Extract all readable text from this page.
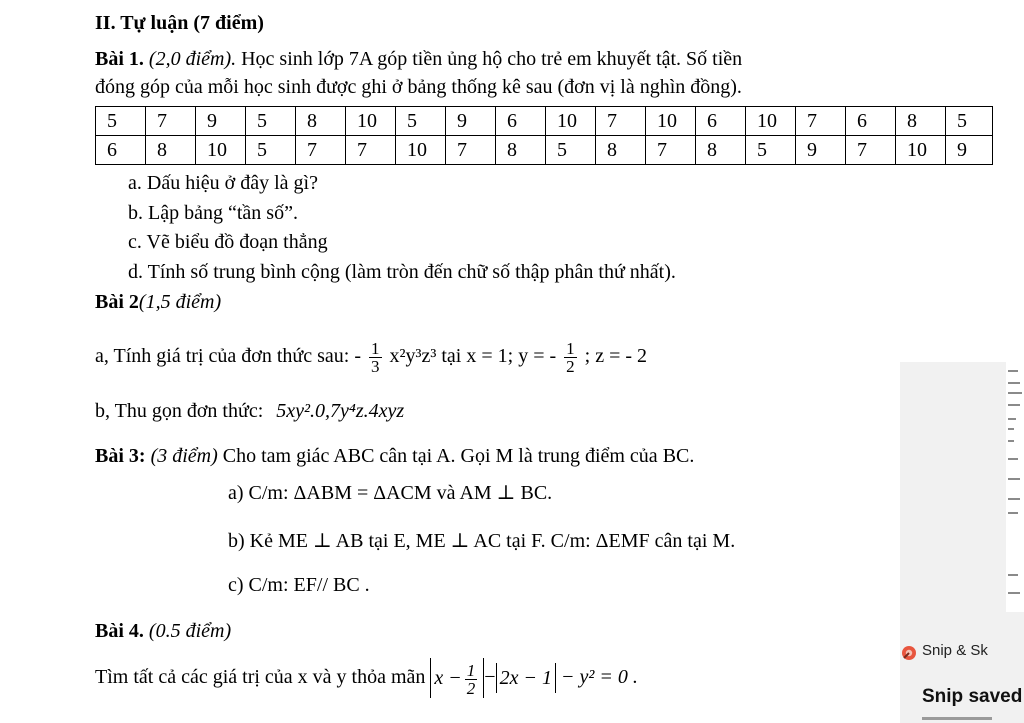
II. Tự luận (7 điểm)
Bài 1. (2,0 điểm). Học sinh lớp 7A góp tiền ủng hộ cho trẻ em khuyết tật. Số tiền
đóng góp của mỗi học sinh được ghi ở bảng thống kê sau (đơn vị là nghìn đồng).
5	7	9	5	8	10	5	9	6	10	7	10	6	10	7	6	8	5
6	8	10	5	7	7	10	7	8	5	8	7	8	5	9	7	10	9
a. Dấu hiệu ở đây là gì?
b. Lập bảng “tần số”.
c. Vẽ biểu đồ đoạn thẳng
d. Tính số trung bình cộng (làm tròn đến chữ số thập phân thứ nhất).
Bài 2(1,5 điểm)
a, Tính giá trị của đơn thức sau: - $\frac{1}{3} x^2y^3z^3$ tại x = 1; y = - $\frac{1}{2}$ ; z = - 2
b, Thu gọn đơn thức: 5xy².0,7y⁴z.4xyz
Bài 3: (3 điểm) Cho tam giác ABC cân tại A. Gọi M là trung điểm của BC.
a) C/m: ΔABM = ΔACM và AM ⊥ BC.
b) Kẻ ME ⊥ AB tại E, ME ⊥ AC tại F. C/m: ΔEMF cân tại M.
c) C/m: EF// BC .
Bài 4. (0.5 điểm)
Tìm tất cả các giá trị của x và y thỏa mãn $x - \frac{1}{2} - 2x - 1 - y^2 = 0$ .
Snip & Sk
Snip saved
